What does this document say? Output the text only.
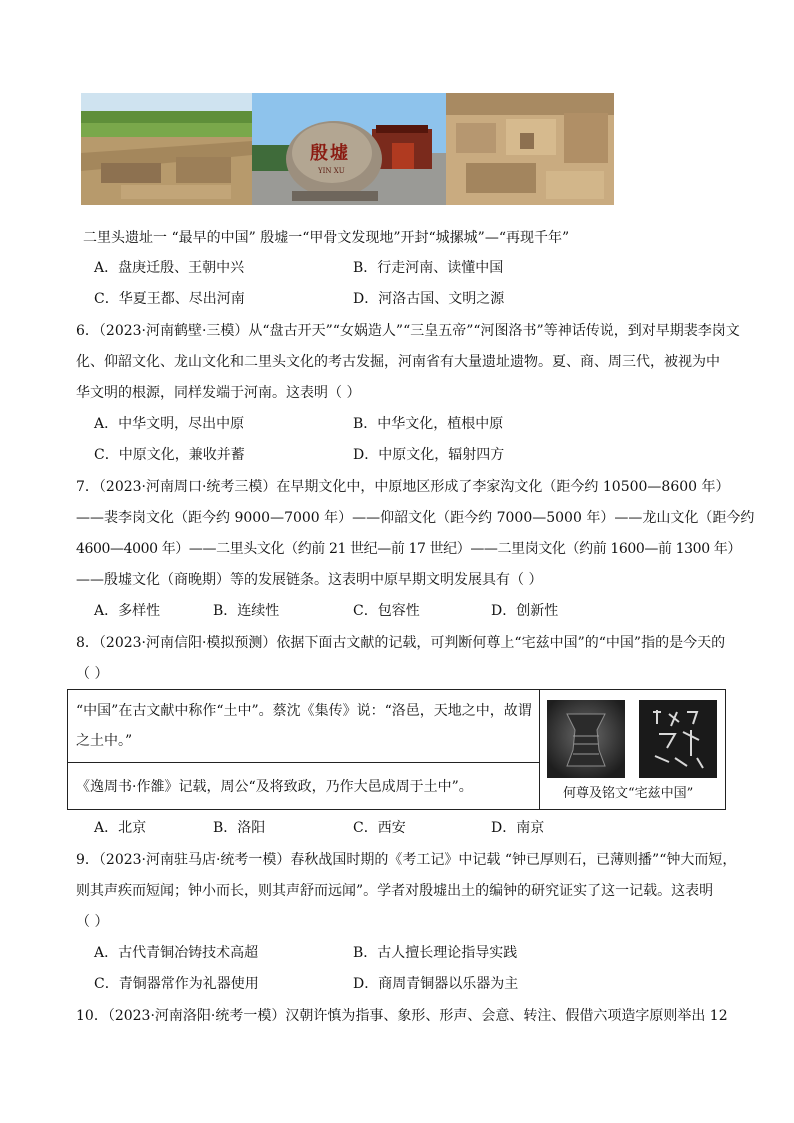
殷墟
YIN XU
二里头遗址一 “最早的中国” 殷墟一“甲骨文发现地”开封“城摞城”—“再现千年”
A．盘庚迁殷、王朝中兴	B．行走河南、读懂中国
C．华夏王都、尽出河南	D．河洛古国、文明之源
6．（2023·河南鹤壁·三模）从“盘古开天”“女娲造人”“三皇五帝”“河图洛书”等神话传说，到对早期裴李岗文
化、仰韶文化、龙山文化和二里头文化的考古发掘，河南省有大量遗址遗物。夏、商、周三代，被视为中
华文明的根源，同样发端于河南。这表明（ ）
A．中华文明，尽出中原	B．中华文化，植根中原
C．中原文化，兼收并蓄	D．中原文化，辐射四方
7．（2023·河南周口·统考三模）在早期文化中，中原地区形成了李家沟文化（距今约 10500—8600 年）
——裴李岗文化（距今约 9000—7000 年）——仰韶文化（距今约 7000—5000 年）——龙山文化（距今约
4600—4000 年）——二里头文化（约前 21 世纪—前 17 世纪）——二里岗文化（约前 1600—前 1300 年）
——殷墟文化（商晚期）等的发展链条。这表明中原早期文明发展具有（ ）
A．多样性	B．连续性	C．包容性	D．创新性
8．（2023·河南信阳·模拟预测）依据下面古文献的记载，可判断何尊上“宅兹中国”的“中国”指的是今天的
（ ）
“中国”在古文献中称作“土中”。蔡沈《集传》说：“洛邑，天地之中，故谓
之土中。”
《逸周书·作雒》记载，周公“及将致政，乃作大邑成周于土中”。	何尊及铭文“宅兹中国”
A．北京	B．洛阳	C．西安	D．南京
9．（2023·河南驻马店·统考一模）春秋战国时期的《考工记》中记载 “钟已厚则石，已薄则播”“钟大而短，
则其声疾而短闻；钟小而长，则其声舒而远闻”。学者对殷墟出土的编钟的研究证实了这一记载。这表明
（ ）
A．古代青铜冶铸技术高超	B．古人擅长理论指导实践
C．青铜器常作为礼器使用	D．商周青铜器以乐器为主
10．（2023·河南洛阳·统考一模）汉朝许慎为指事、象形、形声、会意、转注、假借六项造字原则举出 12
